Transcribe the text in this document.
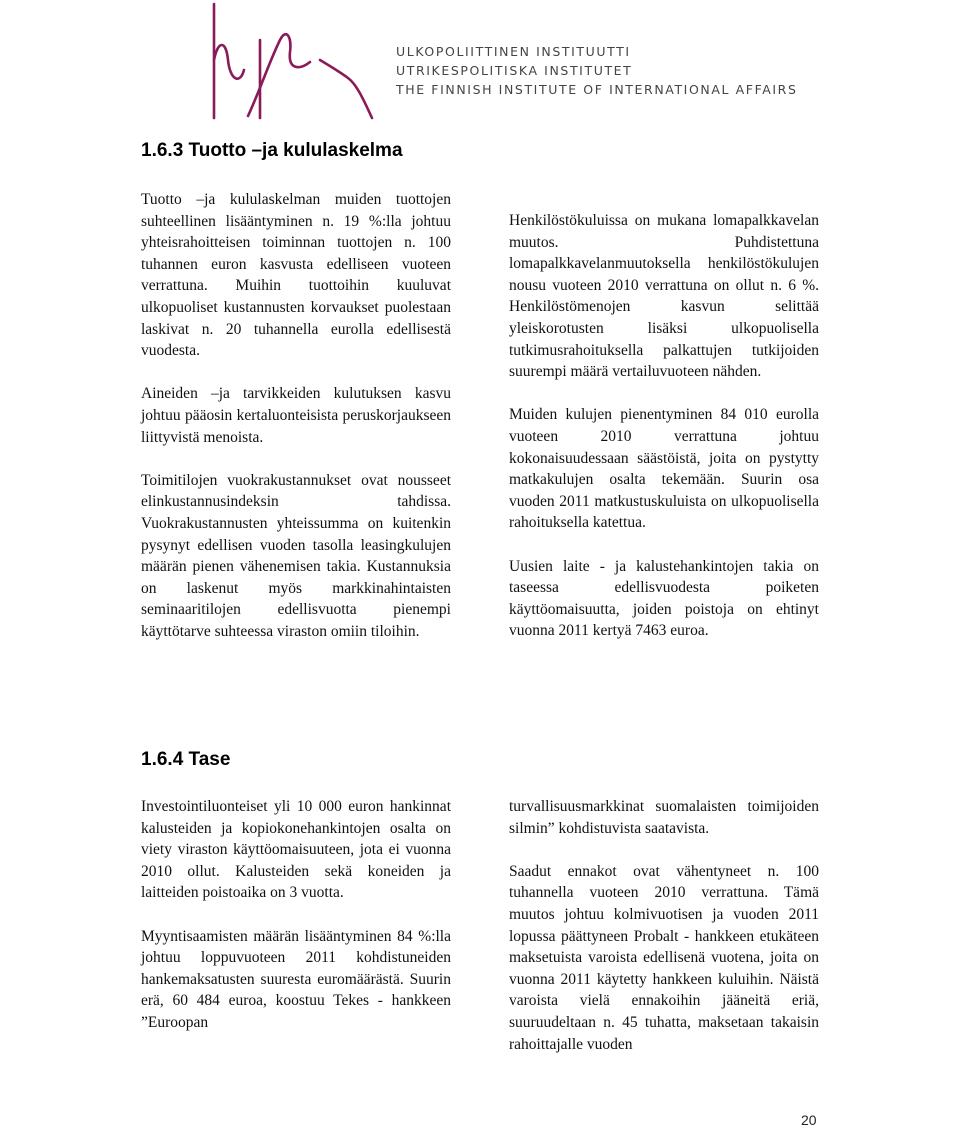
ULKOPOLIITTINEN INSTITUUTTI
UTRIKESPOLITISKA INSTITUTET
THE FINNISH INSTITUTE OF INTERNATIONAL AFFAIRS
1.6.3 Tuotto –ja kululaskelma

Tuotto –ja kululaskelman muiden tuottojen suhteellinen lisääntyminen n. 19 %:lla johtuu yhteisrahoitteisen toiminnan tuottojen n. 100 tuhannen euron kasvusta edelliseen vuoteen verrattuna. Muihin tuottoihin kuuluvat ulkopuoliset kustannusten korvaukset puolestaan laskivat n. 20 tuhannella eurolla edellisestä vuodesta.

Aineiden –ja tarvikkeiden kulutuksen kasvu johtuu pääosin kertaluonteisista peruskorjaukseen liittyvistä menoista.

Toimitilojen vuokrakustannukset ovat nousseet elinkustannusindeksin tahdissa. Vuokrakustannusten yhteissumma on kuitenkin pysynyt edellisen vuoden tasolla leasingkulujen määrän pienen vähenemisen takia. Kustannuksia on laskenut myös markkinahintaisten seminaaritilojen edellisvuotta pienempi käyttötarve suhteessa viraston omiin tiloihin.

Henkilöstökuluissa on mukana lomapalkkavelan muutos. Puhdistettuna lomapalkkavelanmuutoksella henkilöstökulujen nousu vuoteen 2010 verrattuna on ollut n. 6 %. Henkilöstömenojen kasvun selittää yleiskorotusten lisäksi ulkopuolisella tutkimusrahoituksella palkattujen tutkijoiden suurempi määrä vertailuvuoteen nähden.

Muiden kulujen pienentyminen 84 010 eurolla vuoteen 2010 verrattuna johtuu kokonaisuudessaan säästöistä, joita on pystytty matkakulujen osalta tekemään. Suurin osa vuoden 2011 matkustuskuluista on ulkopuolisella rahoituksella katettua.

Uusien laite - ja kalustehankintojen takia on taseessa edellisvuodesta poiketen käyttöomaisuutta, joiden poistoja on ehtinyt vuonna 2011 kertyä 7463 euroa.

1.6.4 Tase

Investointiluonteiset yli 10 000 euron hankinnat kalusteiden ja kopiokonehankintojen osalta on viety viraston käyttöomaisuuteen, jota ei vuonna 2010 ollut. Kalusteiden sekä koneiden ja laitteiden poistoaika on 3 vuotta.

Myyntisaamisten määrän lisääntyminen 84 %:lla johtuu loppuvuoteen 2011 kohdistuneiden hankemaksatusten suuresta euromäärästä. Suurin erä, 60 484 euroa, koostuu Tekes - hankkeen ”Euroopan

turvallisuusmarkkinat suomalaisten toimijoiden silmin” kohdistuvista saatavista.

Saadut ennakot ovat vähentyneet n. 100 tuhannella vuoteen 2010 verrattuna. Tämä muutos johtuu kolmivuotisen ja vuoden 2011 lopussa päättyneen Probalt - hankkeen etukäteen maksetuista varoista edellisenä vuotena, joita on vuonna 2011 käytetty hankkeen kuluihin. Näistä varoista vielä ennakoihin jääneitä eriä, suuruudeltaan n. 45 tuhatta, maksetaan takaisin rahoittajalle vuoden

20
